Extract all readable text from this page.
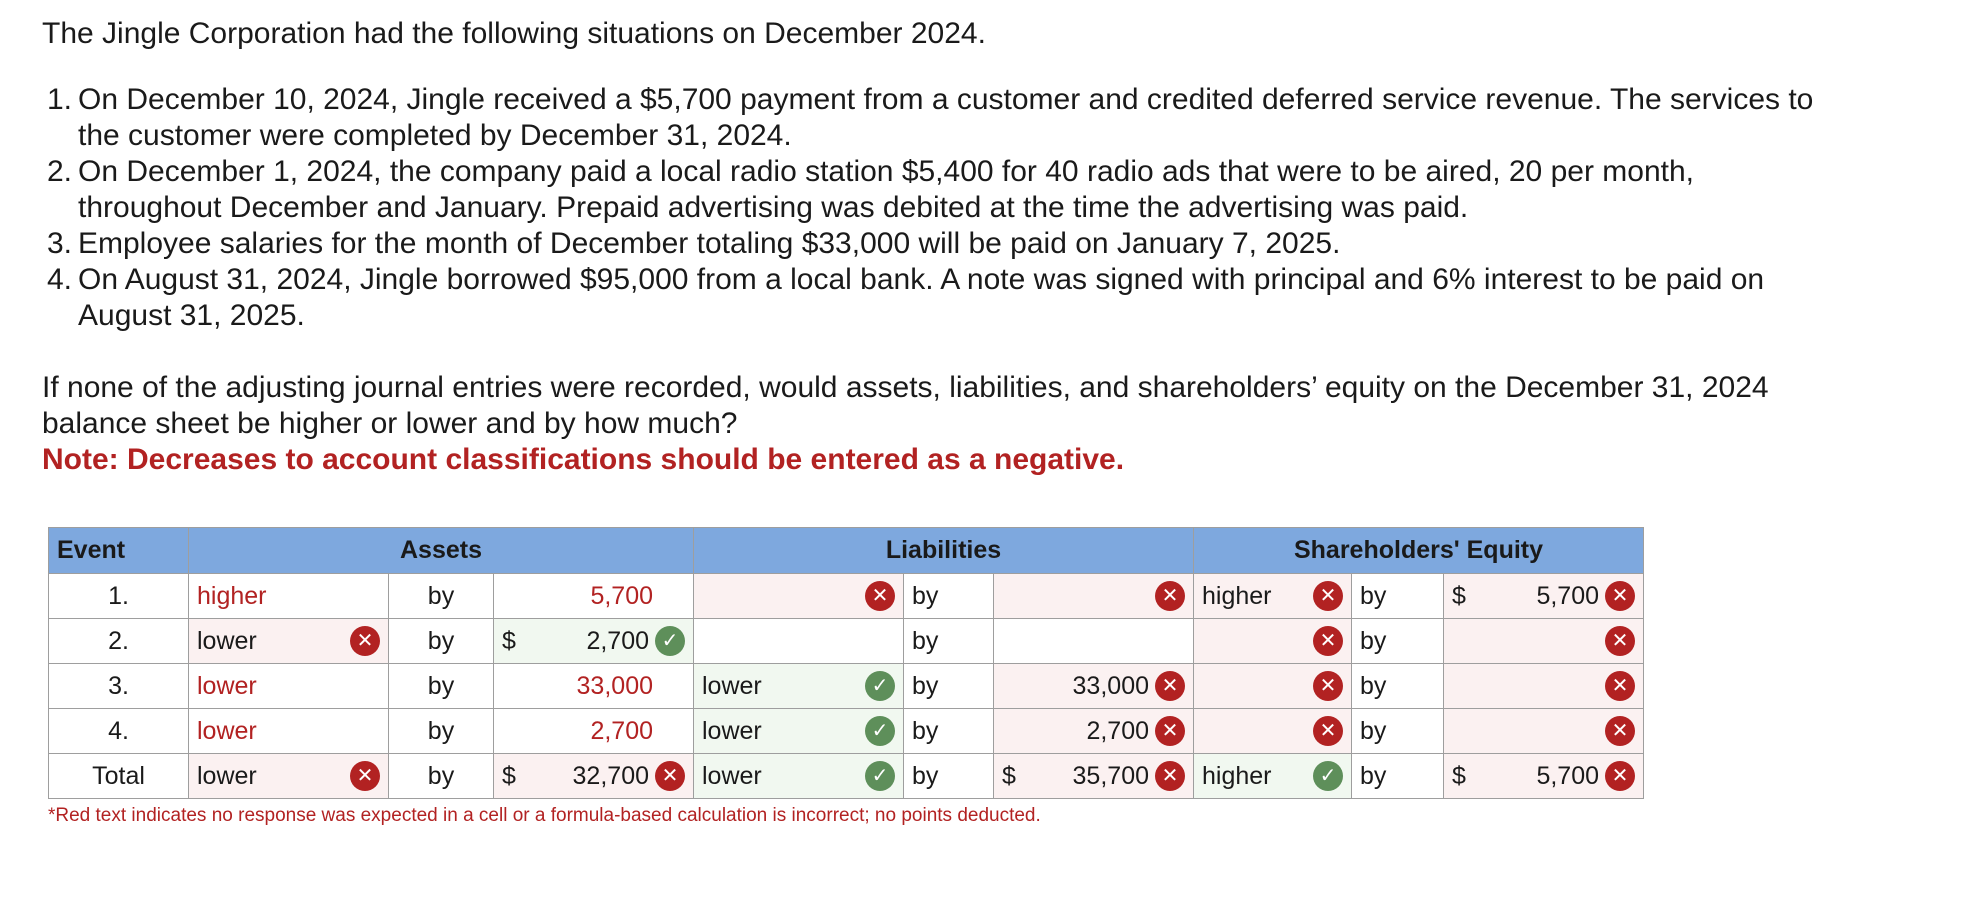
The Jingle Corporation had the following situations on December 2024.

1. On December 10, 2024, Jingle received a $5,700 payment from a customer and credited deferred service revenue. The services to
the customer were completed by December 31, 2024.
2. On December 1, 2024, the company paid a local radio station $5,400 for 40 radio ads that were to be aired, 20 per month,
throughout December and January. Prepaid advertising was debited at the time the advertising was paid.
3. Employee salaries for the month of December totaling $33,000 will be paid on January 7, 2025.
4. On August 31, 2024, Jingle borrowed $95,000 from a local bank. A note was signed with principal and 6% interest to be paid on
August 31, 2025.

If none of the adjusting journal entries were recorded, would assets, liabilities, and shareholders’ equity on the December 31, 2024
balance sheet be higher or lower and by how much?

Note: Decreases to account classifications should be entered as a negative.

Event	Assets			Liabilities			Shareholders' Equity		
1.	higher	by	5,700	✕	by	✕	higher ✕	by	$ 5,700 ✕

2.	lower ✕	by	$ 2,700 ✓		by		✕	by	✕

3.	lower	by	33,000	lower ✓	by	33,000 ✕	✕	by	✕

4.	lower	by	2,700	lower ✓	by	2,700 ✕	✕	by	✕

Total	lower ✕	by	$ 32,700 ✕	lower ✓	by	$ 35,700 ✕	higher ✓	by	$ 5,700 ✕
*Red text indicates no response was expected in a cell or a formula-based calculation is incorrect; no points deducted.
